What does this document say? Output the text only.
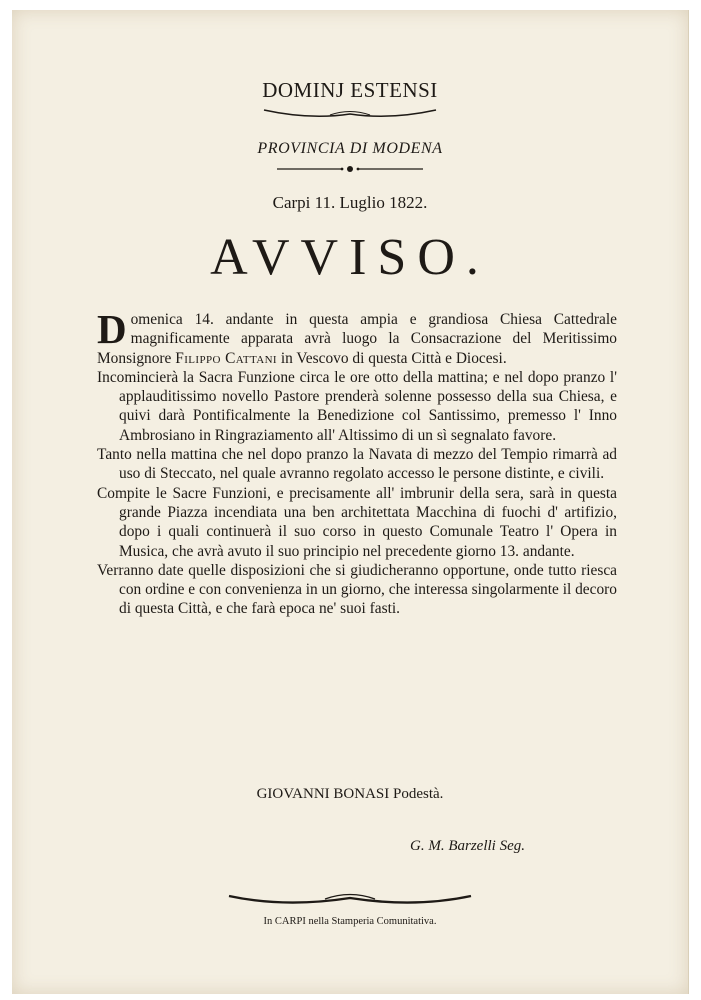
DOMINJ ESTENSI
PROVINCIA DI MODENA
Carpi 11. Luglio 1822.
AVVISO.

Domenica 14. andante in questa ampia e grandiosa Chiesa Cattedrale magnificamente apparata avrà luogo la Consacrazione del Meritissimo Monsignore Filippo Cattani in Vescovo di questa Città e Diocesi.

Incomincierà la Sacra Funzione circa le ore otto della mattina; e nel dopo pranzo l' applauditissimo novello Pastore prenderà solenne possesso della sua Chiesa, e quivi darà Pontificalmente la Benedizione col Santissimo, premesso l' Inno Ambrosiano in Ringraziamento all' Altissimo di un sì segnalato favore.

Tanto nella mattina che nel dopo pranzo la Navata di mezzo del Tempio rimarrà ad uso di Steccato, nel quale avranno regolato accesso le persone distinte, e civili.

Compite le Sacre Funzioni, e precisamente all' imbrunir della sera, sarà in questa grande Piazza incendiata una ben architettata Macchina di fuochi d' artifizio, dopo i quali continuerà il suo corso in questo Comunale Teatro l' Opera in Musica, che avrà avuto il suo principio nel precedente giorno 13. andante.

Verranno date quelle disposizioni che si giudicheranno opportune, onde tutto riesca con ordine e con convenienza in un giorno, che interessa singolarmente il decoro di questa Città, e che farà epoca ne' suoi fasti.

GIOVANNI BONASI Podestà.
G. M. Barzelli Seg.
In CARPI nella Stamperia Comunitativa.
